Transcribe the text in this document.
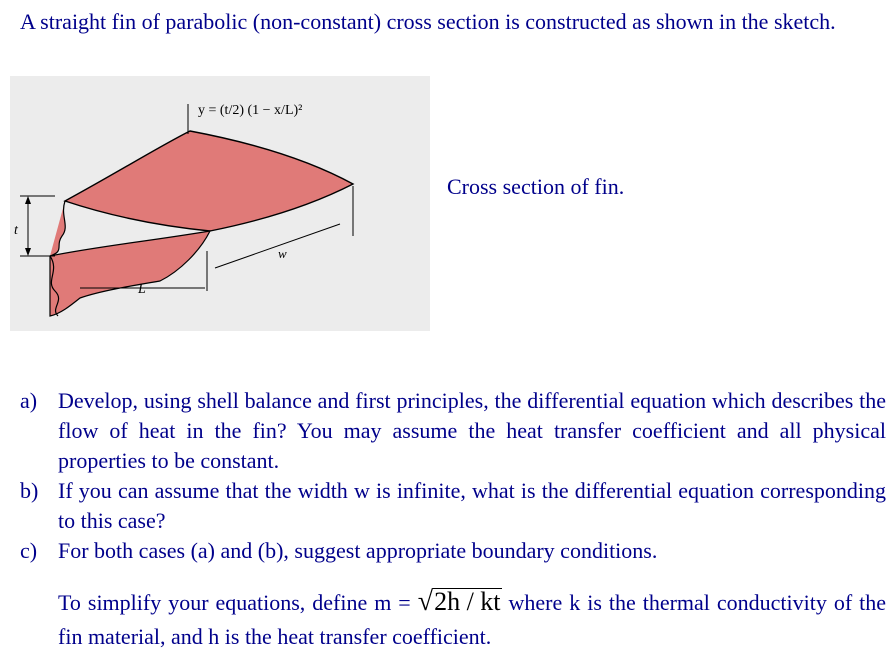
A straight fin of parabolic (non-constant) cross section is constructed as shown in the sketch.
y = (t/2) (1 − x/L)²
t
L
w
Cross section of fin.
a) Develop, using shell balance and first principles, the differential equation which describes the flow of heat in the fin? You may assume the heat transfer coefficient and all physical properties to be constant.
b) If you can assume that the width w is infinite, what is the differential equation corresponding to this case?
c) For both cases (a) and (b), suggest appropriate boundary conditions.
To simplify your equations, define m = √2h / kt where k is the thermal conductivity of the fin material, and h is the heat transfer coefficient.
